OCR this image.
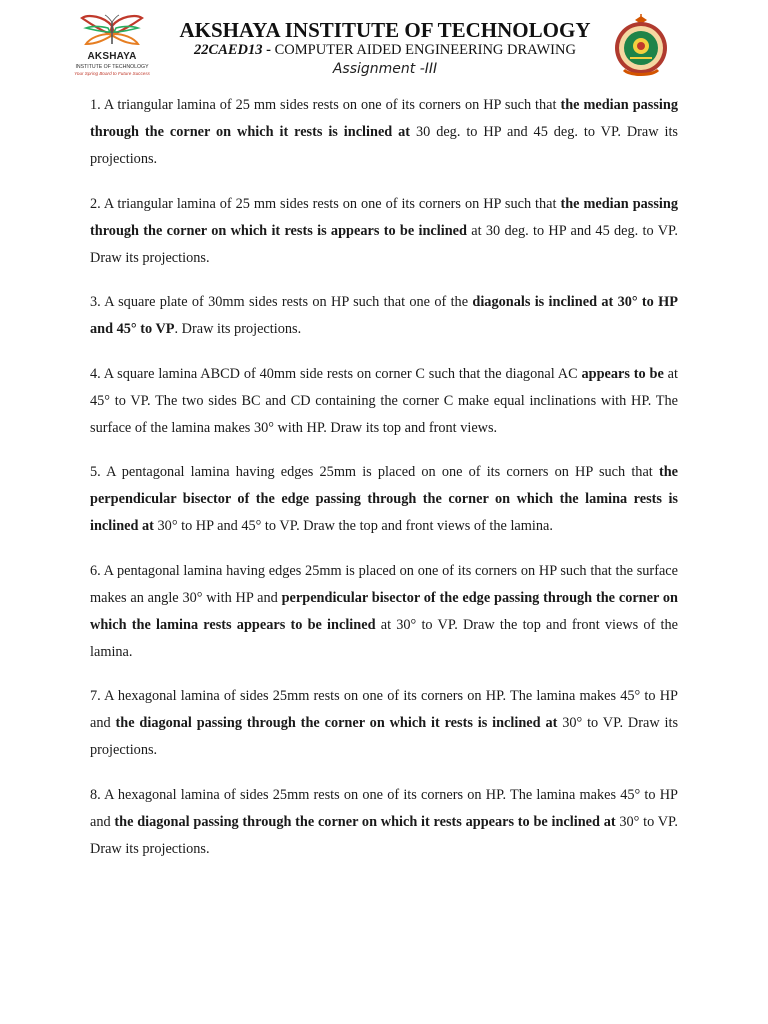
AKSHAYA
INSTITUTE OF TECHNOLOGY
Your Spring Board to Future Success
AKSHAYA INSTITUTE OF TECHNOLOGY
22CAED13 - COMPUTER AIDED ENGINEERING DRAWING
Assignment -III

1. A triangular lamina of 25 mm sides rests on one of its corners on HP such that the median passing through the corner on which it rests is inclined at 30 deg. to HP and 45 deg. to VP. Draw its projections.

2. A triangular lamina of 25 mm sides rests on one of its corners on HP such that the median passing through the corner on which it rests is appears to be inclined at 30 deg. to HP and 45 deg. to VP. Draw its projections.

3. A square plate of 30mm sides rests on HP such that one of the diagonals is inclined at 30° to HP and 45° to VP. Draw its projections.

4. A square lamina ABCD of 40mm side rests on corner C such that the diagonal AC appears to be at 45° to VP. The two sides BC and CD containing the corner C make equal inclinations with HP. The surface of the lamina makes 30° with HP. Draw its top and front views.

5. A pentagonal lamina having edges 25mm is placed on one of its corners on HP such that the perpendicular bisector of the edge passing through the corner on which the lamina rests is inclined at 30° to HP and 45° to VP. Draw the top and front views of the lamina.

6. A pentagonal lamina having edges 25mm is placed on one of its corners on HP such that the surface makes an angle 30° with HP and perpendicular bisector of the edge passing through the corner on which the lamina rests appears to be inclined at 30° to VP. Draw the top and front views of the lamina.

7. A hexagonal lamina of sides 25mm rests on one of its corners on HP. The lamina makes 45° to HP and the diagonal passing through the corner on which it rests is inclined at 30° to VP. Draw its projections.

8. A hexagonal lamina of sides 25mm rests on one of its corners on HP. The lamina makes 45° to HP and the diagonal passing through the corner on which it rests appears to be inclined at 30° to VP. Draw its projections.
